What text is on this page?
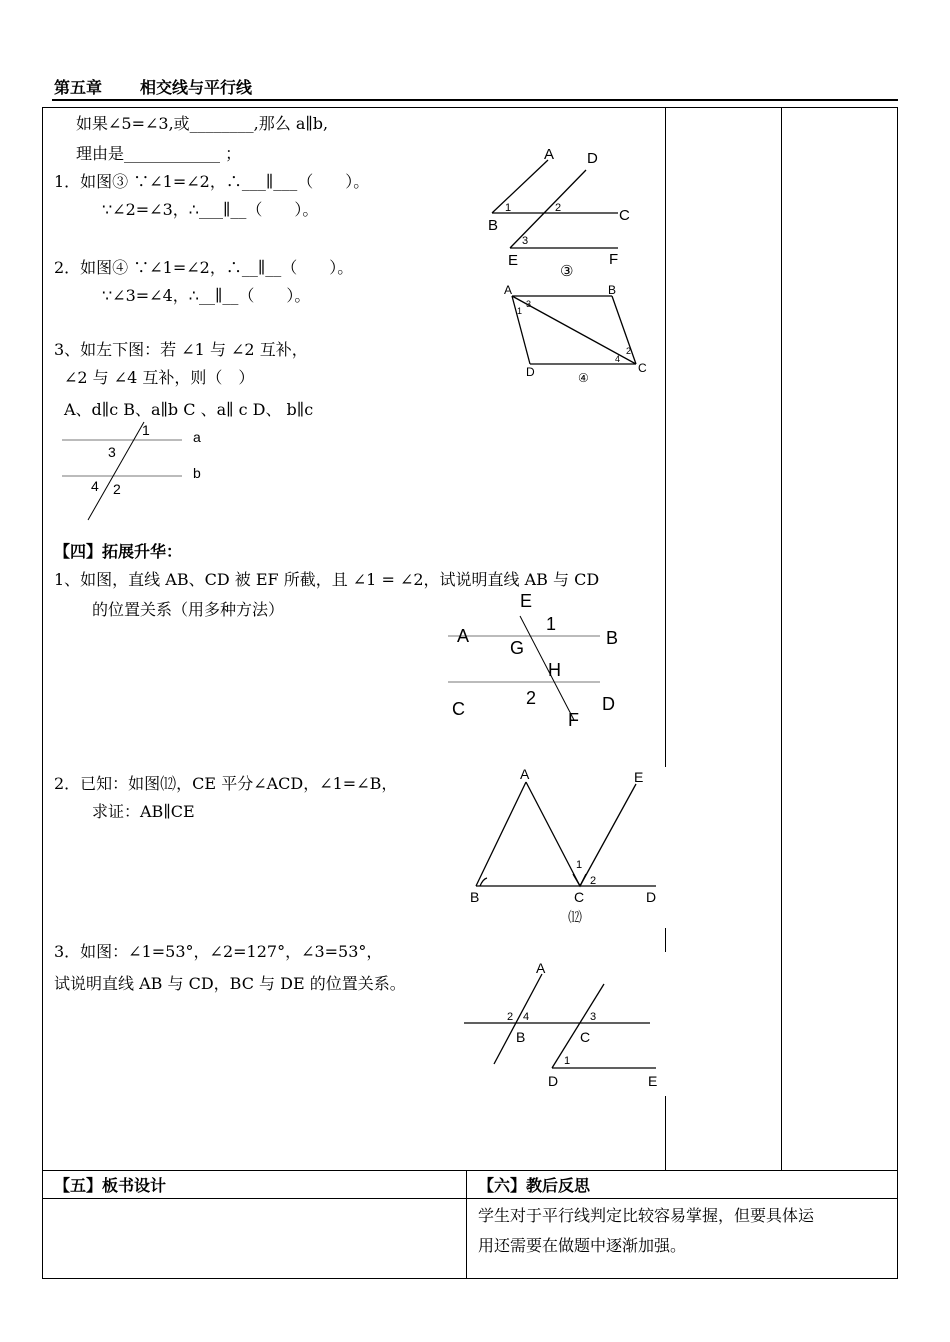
第五章 相交线与平行线
如果∠5=∠3,或________,那么 a∥b,
理由是____________ ；
1．如图③ ∵∠1=∠2，∴___∥___（　　）。
∵∠2=∠3，∴___∥__（　　）。
2．如图④ ∵∠1=∠2，∴__∥__（　　）。
∵∠3=∠4，∴__∥__（　　）。
3、如左下图：若 ∠1 与 ∠2 互补，
∠2 与 ∠4 互补，则（　）
A、d∥c B、a∥b C 、a∥ c D、 b∥c
【四】拓展升华：
1、如图，直线 AB、CD 被 EF 所截，且 ∠1 = ∠2，试说明直线 AB 与 CD
的位置关系（用多种方法）
2．已知：如图⑿，CE 平分∠ACD，∠1=∠B，
求证：AB∥CE
3．如图：∠1=53°，∠2=127°，∠3=53°，
试说明直线 AB 与 CD，BC 与 DE 的位置关系。
A D
B
C
E	F
③
1	2
3
A	B
C
D	④
1
3
2
4
1
3
4 2
a
b
E
1
A	B
G
H
2
C	D
F
A	E
B	C	D
⑿
1
2
A
B	C
D	E
2 4	3
1
【五】板书设计	【六】教后反思
学生对于平行线判定比较容易掌握，但要具体运
用还需要在做题中逐渐加强。
